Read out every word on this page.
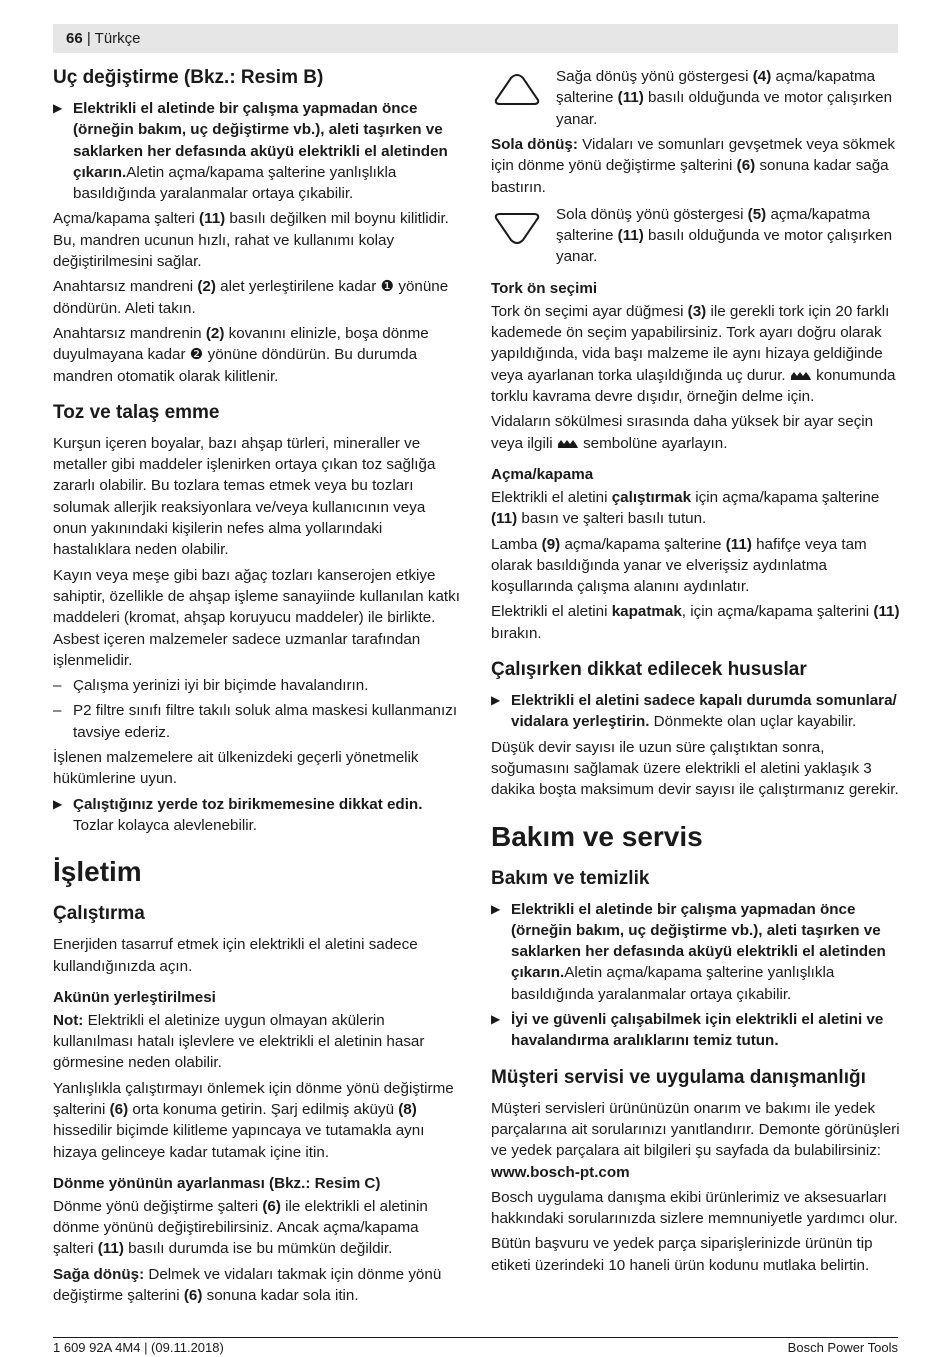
66 | Türkçe
Uç değiştirme (Bkz.: Resim B)
▶ Elektrikli el aletinde bir çalışma yapmadan önce (örneğin bakım, uç değiştirme vb.), aleti taşırken ve saklarken her defasında aküyü elektrikli el aletinden çıkarın.Aletin açma/kapama şalterine yanlışlıkla basıldığında yaralanmalar ortaya çıkabilir.

Açma/kapama şalteri (11) basılı değilken mil boynu kilitlidir. Bu, mandren ucunun hızlı, rahat ve kullanımı kolay değiştirilmesini sağlar.

Anahtarsız mandreni (2) alet yerleştirilene kadar ❶ yönüne döndürün. Aleti takın.

Anahtarsız mandrenin (2) kovanını elinizle, boşa dönme duyulmayana kadar ❷ yönüne döndürün. Bu durumda mandren otomatik olarak kilitlenir.

Toz ve talaş emme

Kurşun içeren boyalar, bazı ahşap türleri, mineraller ve metaller gibi maddeler işlenirken ortaya çıkan toz sağlığa zararlı olabilir. Bu tozlara temas etmek veya bu tozları solumak allerjik reaksiyonlara ve/veya kullanıcının veya onun yakınındaki kişilerin nefes alma yollarındaki hastalıklara neden olabilir.

Kayın veya meşe gibi bazı ağaç tozları kanserojen etkiye sahiptir, özellikle de ahşap işleme sanayiinde kullanılan katkı maddeleri (kromat, ahşap koruyucu maddeler) ile birlikte. Asbest içeren malzemeler sadece uzmanlar tarafından işlenmelidir.

– Çalışma yerinizi iyi bir biçimde havalandırın.
– P2 filtre sınıfı filtre takılı soluk alma maskesi kullanmanızı tavsiye ederiz.

İşlenen malzemelere ait ülkenizdeki geçerli yönetmelik hükümlerine uyun.

▶ Çalıştığınız yerde toz birikmemesine dikkat edin.
Tozlar kolayca alevlenebilir.
İşletim
Çalıştırma

Enerjiden tasarruf etmek için elektrikli el aletini sadece kullandığınızda açın.

Akünün yerleştirilmesi

Not: Elektrikli el aletinize uygun olmayan akülerin kullanılması hatalı işlevlere ve elektrikli el aletinin hasar görmesine neden olabilir.

Yanlışlıkla çalıştırmayı önlemek için dönme yönü değiştirme şalterini (6) orta konuma getirin. Şarj edilmiş aküyü (8) hissedilir biçimde kilitleme yapıncaya ve tutamakla aynı hizaya gelinceye kadar tutamak içine itin.

Dönme yönünün ayarlanması (Bkz.: Resim C)

Dönme yönü değiştirme şalteri (6) ile elektrikli el aletinin dönme yönünü değiştirebilirsiniz. Ancak açma/kapama şalteri (11) basılı durumda ise bu mümkün değildir.

Sağa dönüş: Delmek ve vidaları takmak için dönme yönü değiştirme şalterini (6) sonuna kadar sola itin.

Sağa dönüş yönü göstergesi (4) açma/kapatma şalterine (11) basılı olduğunda ve motor çalışırken yanar.

Sola dönüş: Vidaları ve somunları gevşetmek veya sökmek için dönme yönü değiştirme şalterini (6) sonuna kadar sağa bastırın.

Sola dönüş yönü göstergesi (5) açma/kapatma şalterine (11) basılı olduğunda ve motor çalışırken yanar.
Tork ön seçimi

Tork ön seçimi ayar düğmesi (3) ile gerekli tork için 20 farklı kademede ön seçim yapabilirsiniz. Tork ayarı doğru olarak yapıldığında, vida başı malzeme ile aynı hizaya geldiğinde veya ayarlanan torka ulaşıldığında uç durur.  konumunda torklu kavrama devre dışıdır, örneğin delme için.

Vidaların sökülmesi sırasında daha yüksek bir ayar seçin veya ilgili  sembolüne ayarlayın.

Açma/kapama

Elektrikli el aletini çalıştırmak için açma/kapama şalterine (11) basın ve şalteri basılı tutun.

Lamba (9) açma/kapama şalterine (11) hafifçe veya tam olarak basıldığında yanar ve elverişsiz aydınlatma koşullarında çalışma alanını aydınlatır.

Elektrikli el aletini kapatmak, için açma/kapama şalterini (11) bırakın.

Çalışırken dikkat edilecek hususlar
▶ Elektrikli el aletini sadece kapalı durumda somunlara/ vidalara yerleştirin. Dönmekte olan uçlar kayabilir.

Düşük devir sayısı ile uzun süre çalıştıktan sonra, soğumasını sağlamak üzere elektrikli el aletini yaklaşık 3 dakika boşta maksimum devir sayısı ile çalıştırmanız gerekir.

Bakım ve servis
Bakım ve temizlik
▶ Elektrikli el aletinde bir çalışma yapmadan önce (örneğin bakım, uç değiştirme vb.), aleti taşırken ve saklarken her defasında aküyü elektrikli el aletinden çıkarın.Aletin açma/kapama şalterine yanlışlıkla basıldığında yaralanmalar ortaya çıkabilir.
▶ İyi ve güvenli çalışabilmek için elektrikli el aletini ve havalandırma aralıklarını temiz tutun.
Müşteri servisi ve uygulama danışmanlığı

Müşteri servisleri ürününüzün onarım ve bakımı ile yedek parçalarına ait sorularınızı yanıtlandırır. Demonte görünüşleri ve yedek parçalara ait bilgileri şu sayfada da bulabilirsiniz:
www.bosch-pt.com

Bosch uygulama danışma ekibi ürünlerimiz ve aksesuarları hakkındaki sorularınızda sizlere memnuniyetle yardımcı olur.

Bütün başvuru ve yedek parça siparişlerinizde ürünün tip etiketi üzerindeki 10 haneli ürün kodunu mutlaka belirtin.

1 609 92A 4M4 | (09.11.2018)	Bosch Power Tools
